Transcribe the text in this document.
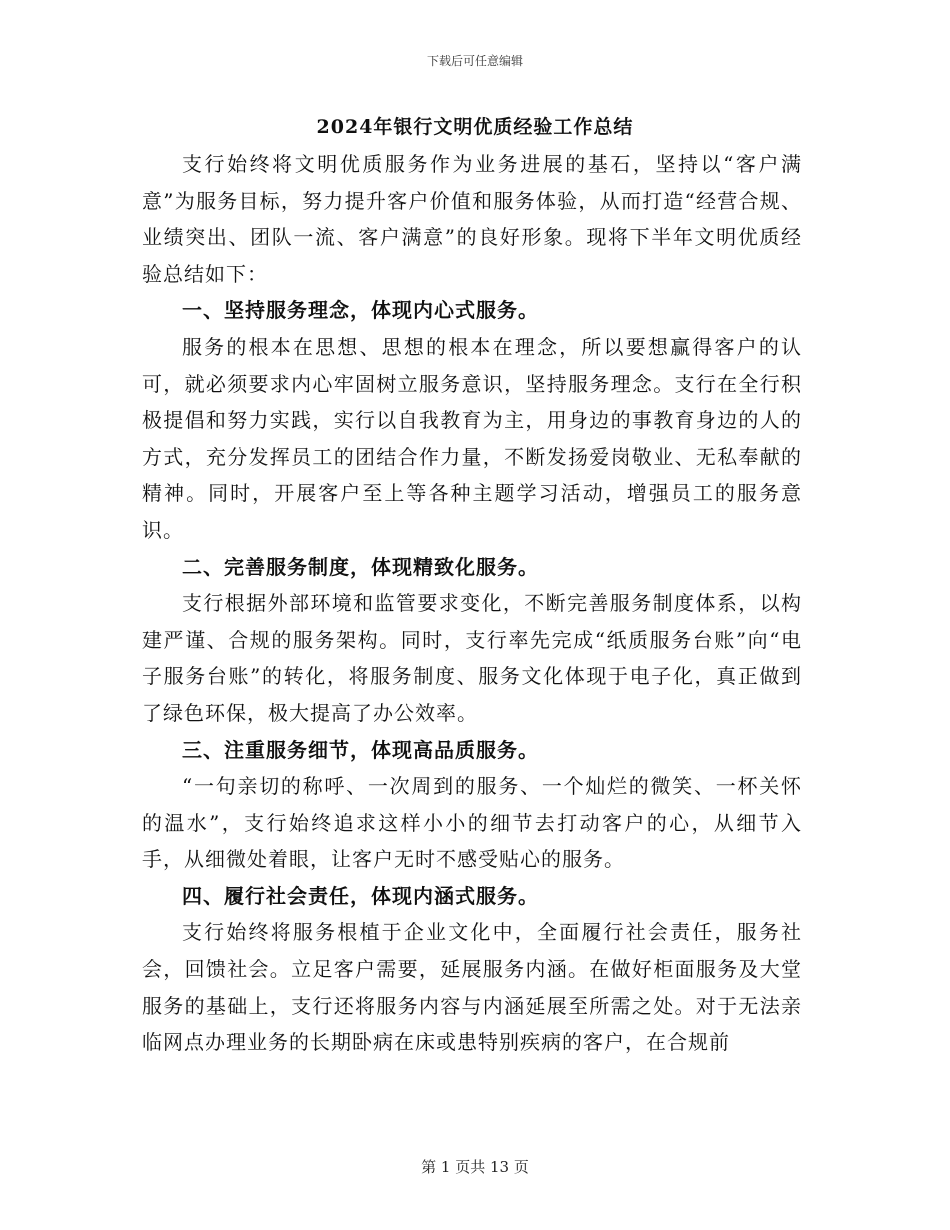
下载后可任意编辑
2024年银行文明优质经验工作总结

支行始终将文明优质服务作为业务进展的基石，坚持以“客户满意”为服务目标，努力提升客户价值和服务体验，从而打造“经营合规、业绩突出、团队一流、客户满意”的良好形象。现将下半年文明优质经验总结如下：

一、坚持服务理念，体现内心式服务。

服务的根本在思想、思想的根本在理念，所以要想赢得客户的认可，就必须要求内心牢固树立服务意识，坚持服务理念。支行在全行积极提倡和努力实践，实行以自我教育为主，用身边的事教育身边的人的方式，充分发挥员工的团结合作力量，不断发扬爱岗敬业、无私奉献的精神。同时，开展客户至上等各种主题学习活动，增强员工的服务意识。

二、完善服务制度，体现精致化服务。

支行根据外部环境和监管要求变化，不断完善服务制度体系，以构建严谨、合规的服务架构。同时，支行率先完成“纸质服务台账”向“电子服务台账”的转化，将服务制度、服务文化体现于电子化，真正做到了绿色环保，极大提高了办公效率。

三、注重服务细节，体现高品质服务。

“一句亲切的称呼、一次周到的服务、一个灿烂的微笑、一杯关怀的温水”，支行始终追求这样小小的细节去打动客户的心，从细节入手，从细微处着眼，让客户无时不感受贴心的服务。

四、履行社会责任，体现内涵式服务。

支行始终将服务根植于企业文化中，全面履行社会责任，服务社会，回馈社会。立足客户需要，延展服务内涵。在做好柜面服务及大堂服务的基础上，支行还将服务内容与内涵延展至所需之处。对于无法亲临网点办理业务的长期卧病在床或患特别疾病的客户，在合规前

第 1 页共 13 页
